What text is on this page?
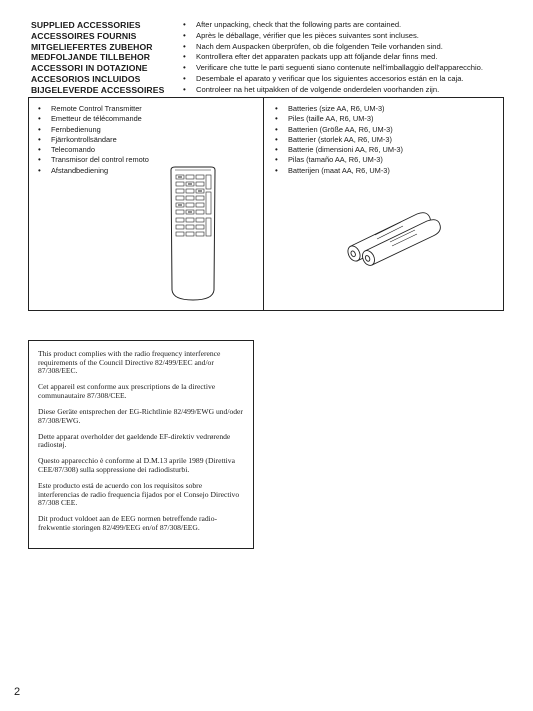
SUPPLIED ACCESSORIES
ACCESSOIRES FOURNIS
MITGELIEFERTES ZUBEHOR
MEDFOLJANDE TILLBEHOR
ACCESSORI IN DOTAZIONE
ACCESORIOS INCLUIDOS
BIJGELEVERDE ACCESSOIRES
• After unpacking, check that the following parts are contained.
• Après le déballage, vérifier que les pièces suivantes sont incluses.
• Nach dem Auspacken überprüfen, ob die folgenden Teile vorhanden sind.
• Kontrollera efter det apparaten packats upp att följande delar finns med.
• Verificare che tutte le parti seguenti siano contenute nell'imballaggio dell'apparecchio.
• Desembale el aparato y verificar que los siguientes accesorios están en la caja.
• Controleer na het uitpakken of de volgende onderdelen voorhanden zijn.
• Remote Control Transmitter
• Emetteur de télécommande
• Fernbedienung
• Fjärrkontrollsändare
• Telecomando
• Transmisor del control remoto
• Afstandbediening
• Batteries (size AA, R6, UM-3)
• Piles (taille AA, R6, UM-3)
• Batterien (Größe AA, R6, UM-3)
• Batterier (storlek AA, R6, UM-3)
• Batterie (dimensioni AA, R6, UM-3)
• Pilas (tamaño AA, R6, UM-3)
• Batterijen (maat AA, R6, UM-3)

This product complies with the radio frequency interference requirements of the Council Directive 82/499/EEC and/or 87/308/EEC.

Cet appareil est conforme aux prescriptions de la directive communautaire 87/308/CEE.

Diese Geräte entsprechen der EG-Richtlinie 82/499/EWG und/oder 87/308/EWG.

Dette apparat overholder det gaeldende EF-direktiv vedrørende radiostøj.

Questo apparecchio è conforme al D.M.13 aprile 1989 (Direttiva CEE/87/308) sulla soppressione dei radiodisturbi.

Este producto está de acuerdo con los requisitos sobre interferencias de radio frequencia fijados por el Consejo Directivo 87/308 CEE.

Dit product voldoet aan de EEG normen betreffende radio-frekwentie storingen 82/499/EEG en/of 87/308/EEG.

2
